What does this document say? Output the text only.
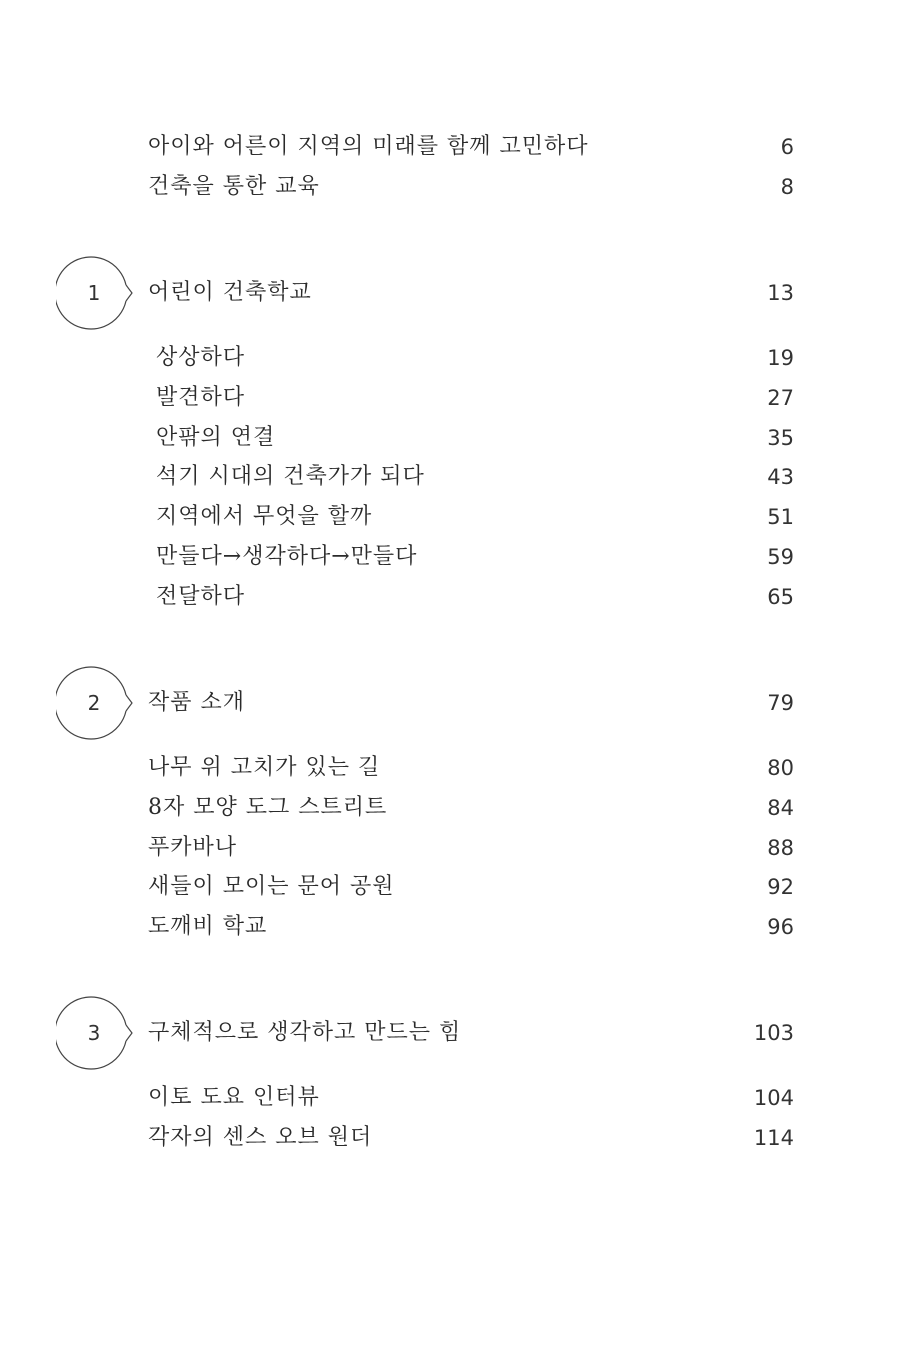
아이와 어른이 지역의 미래를 함께 고민하다	6
건축을 통한 교육	8
1	어린이 건축학교	13
상상하다	19
발견하다	27
안팎의 연결	35
석기 시대의 건축가가 되다	43
지역에서 무엇을 할까	51
만들다→생각하다→만들다	59
전달하다	65
2	작품 소개	79
나무 위 고치가 있는 길	80
8자 모양 도그 스트리트	84
푸카바나	88
새들이 모이는 문어 공원	92
도깨비 학교	96
3	구체적으로 생각하고 만드는 힘	103
이토 도요 인터뷰	104
각자의 센스 오브 원더	114
